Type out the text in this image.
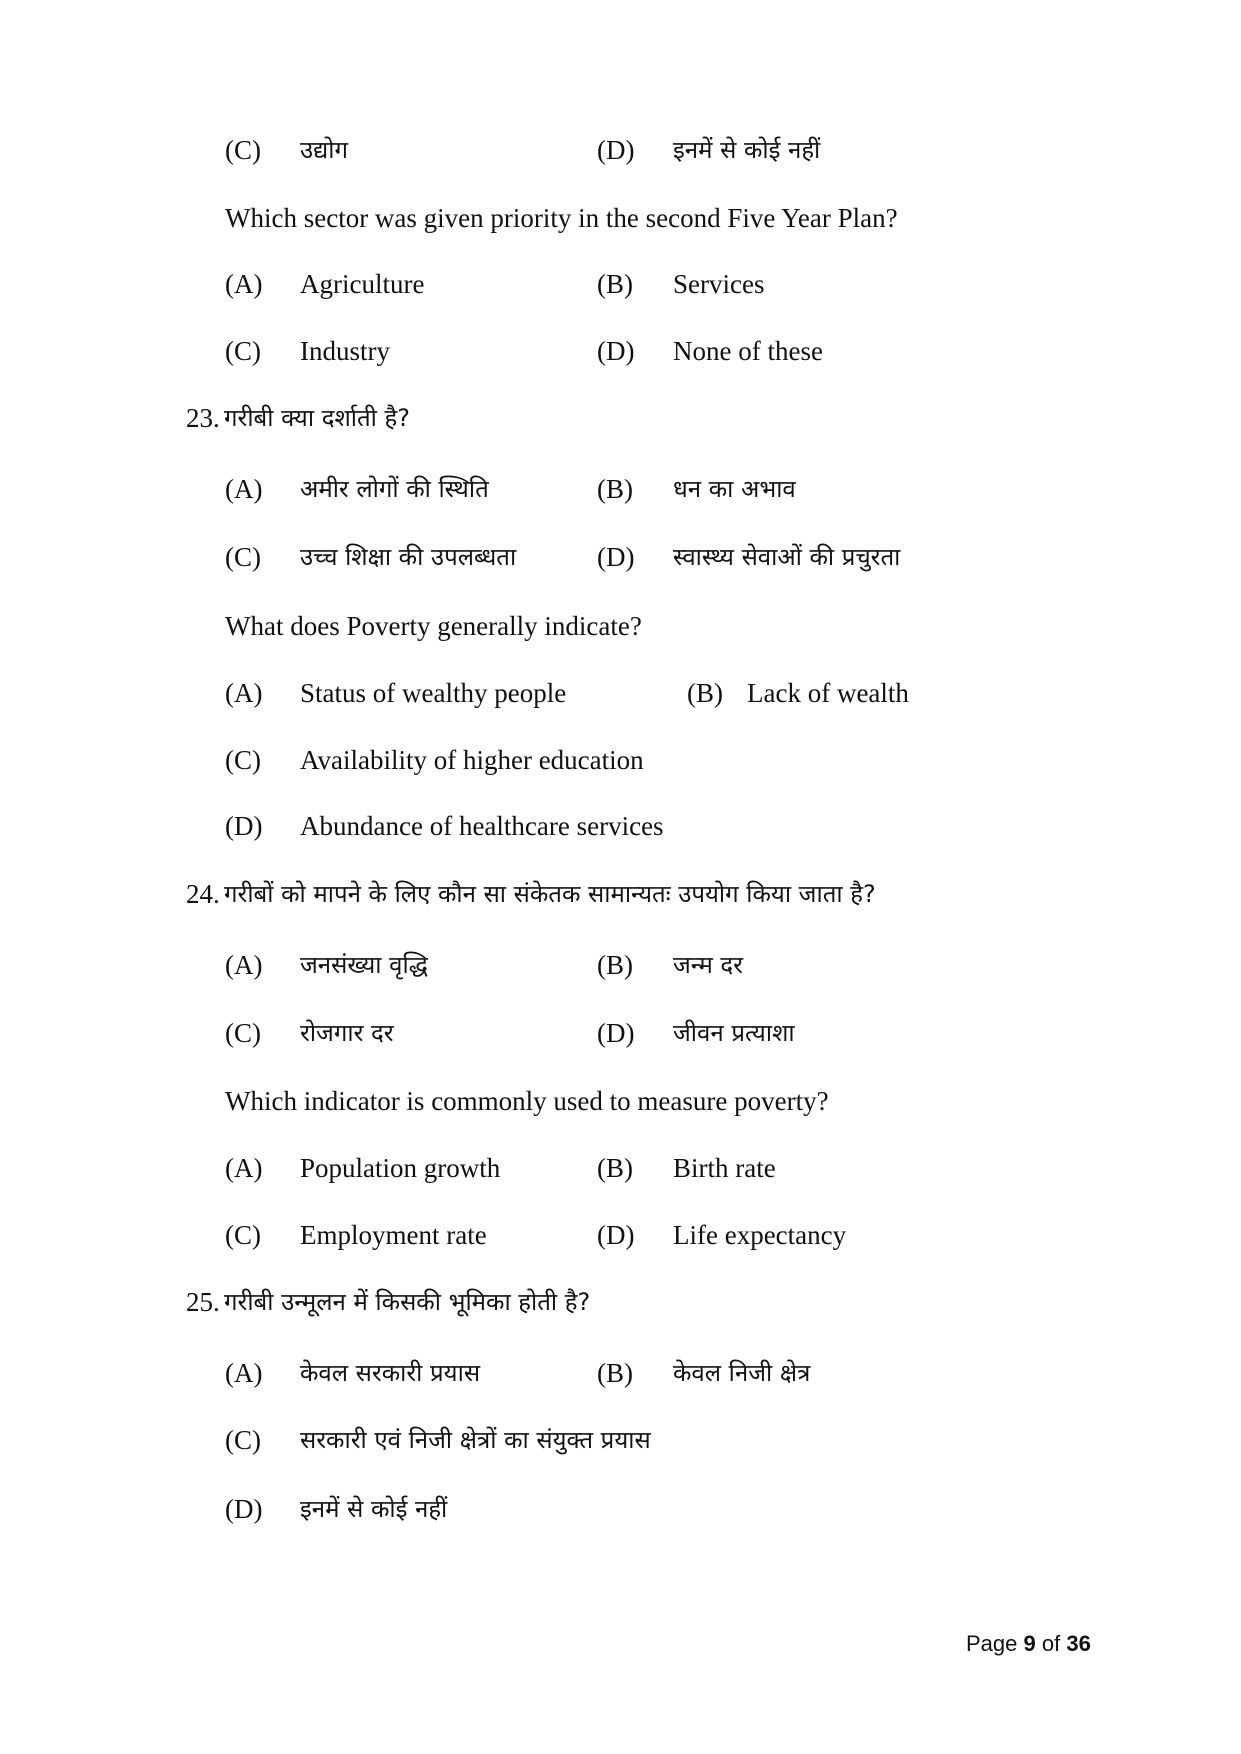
(C) उद्योग	(D) इनमें से कोई नहीं
Which sector was given priority in the second Five Year Plan?
(A) Agriculture	(B) Services
(C) Industry	(D) None of these
23. गरीबी क्या दर्शाती है?
(A) अमीर लोगों की स्थिति	(B) धन का अभाव
(C) उच्च शिक्षा की उपलब्धता	(D) स्वास्थ्य सेवाओं की प्रचुरता
What does Poverty generally indicate?
(A) Status of wealthy people	(B) Lack of wealth
(C) Availability of higher education
(D) Abundance of healthcare services
24. गरीबों को मापने के लिए कौन सा संकेतक सामान्यतः उपयोग किया जाता है?
(A) जनसंख्या वृद्धि	(B) जन्म दर
(C) रोजगार दर	(D) जीवन प्रत्याशा
Which indicator is commonly used to measure poverty?
(A) Population growth	(B) Birth rate
(C) Employment rate	(D) Life expectancy
25. गरीबी उन्मूलन में किसकी भूमिका होती है?
(A) केवल सरकारी प्रयास	(B) केवल निजी क्षेत्र
(C) सरकारी एवं निजी क्षेत्रों का संयुक्त प्रयास
(D) इनमें से कोई नहीं
Page 9 of 36
